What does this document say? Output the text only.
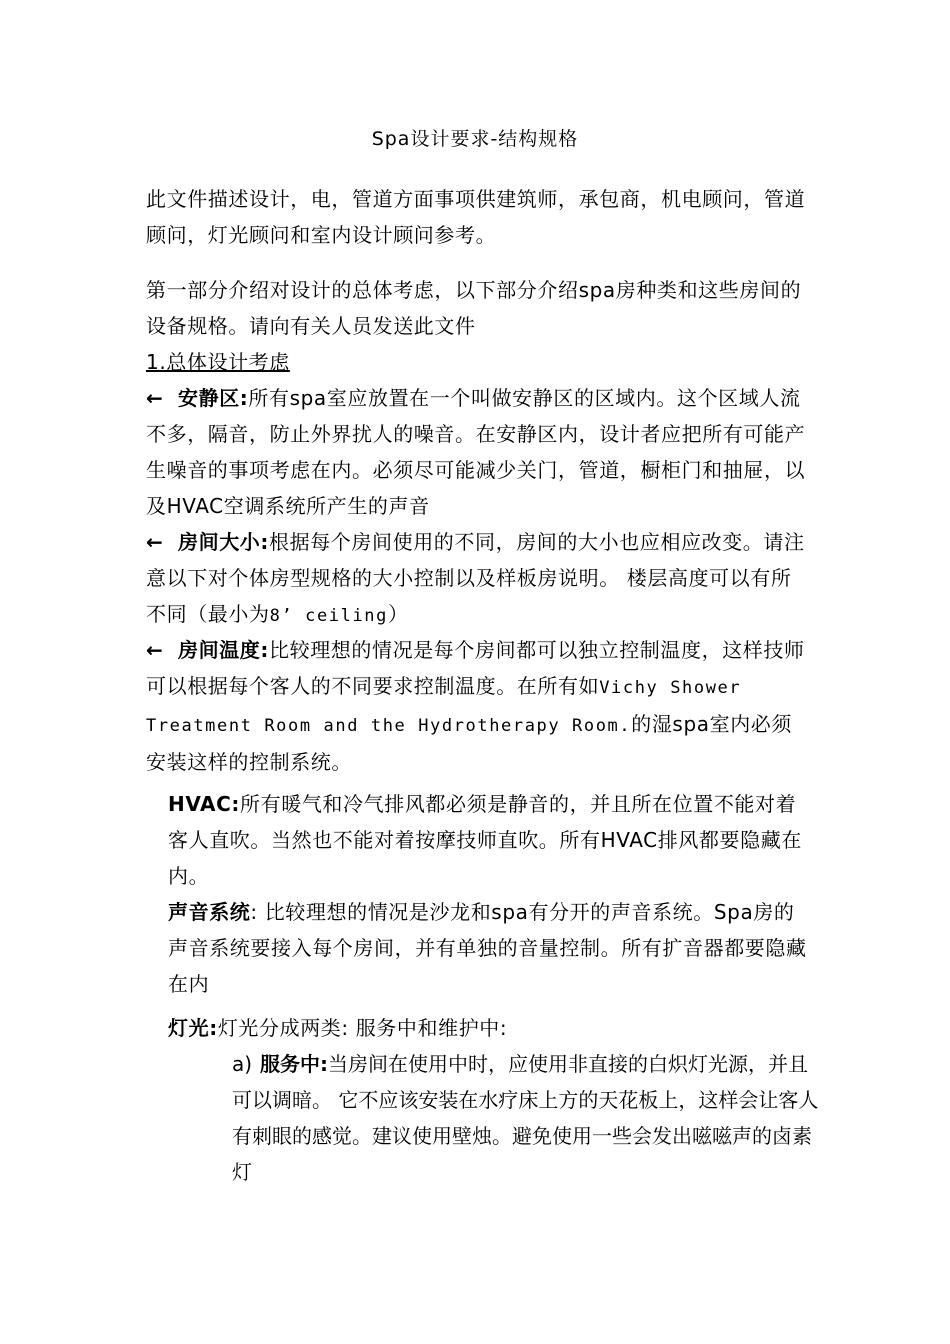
Spa设计要求-结构规格

此文件描述设计，电，管道方面事项供建筑师，承包商，机电顾问，管道顾问，灯光顾问和室内设计顾问参考。

第一部分介绍对设计的总体考虑，以下部分介绍spa房种类和这些房间的设备规格。请向有关人员发送此文件

1.总体设计考虑

← 安静区:所有spa室应放置在一个叫做安静区的区域内。这个区域人流不多，隔音，防止外界扰人的噪音。在安静区内，设计者应把所有可能产生噪音的事项考虑在内。必须尽可能减少关门，管道，橱柜门和抽屉，以及HVAC空调系统所产生的声音

← 房间大小:根据每个房间使用的不同，房间的大小也应相应改变。请注意以下对个体房型规格的大小控制以及样板房说明。 楼层高度可以有所不同（最小为8’ ceiling）

← 房间温度:比较理想的情况是每个房间都可以独立控制温度，这样技师可以根据每个客人的不同要求控制温度。在所有如Vichy Shower Treatment Room and the Hydrotherapy Room.的湿spa室内必须安装这样的控制系统。

HVAC:所有暖气和冷气排风都必须是静音的，并且所在位置不能对着客人直吹。当然也不能对着按摩技师直吹。所有HVAC排风都要隐藏在内。

声音系统: 比较理想的情况是沙龙和spa有分开的声音系统。Spa房的声音系统要接入每个房间，并有单独的音量控制。所有扩音器都要隐藏在内

灯光:灯光分成两类: 服务中和维护中:

a) 服务中:当房间在使用中时，应使用非直接的白炽灯光源，并且可以调暗。 它不应该安装在水疗床上方的天花板上，这样会让客人有刺眼的感觉。建议使用壁烛。避免使用一些会发出嗞嗞声的卤素灯
